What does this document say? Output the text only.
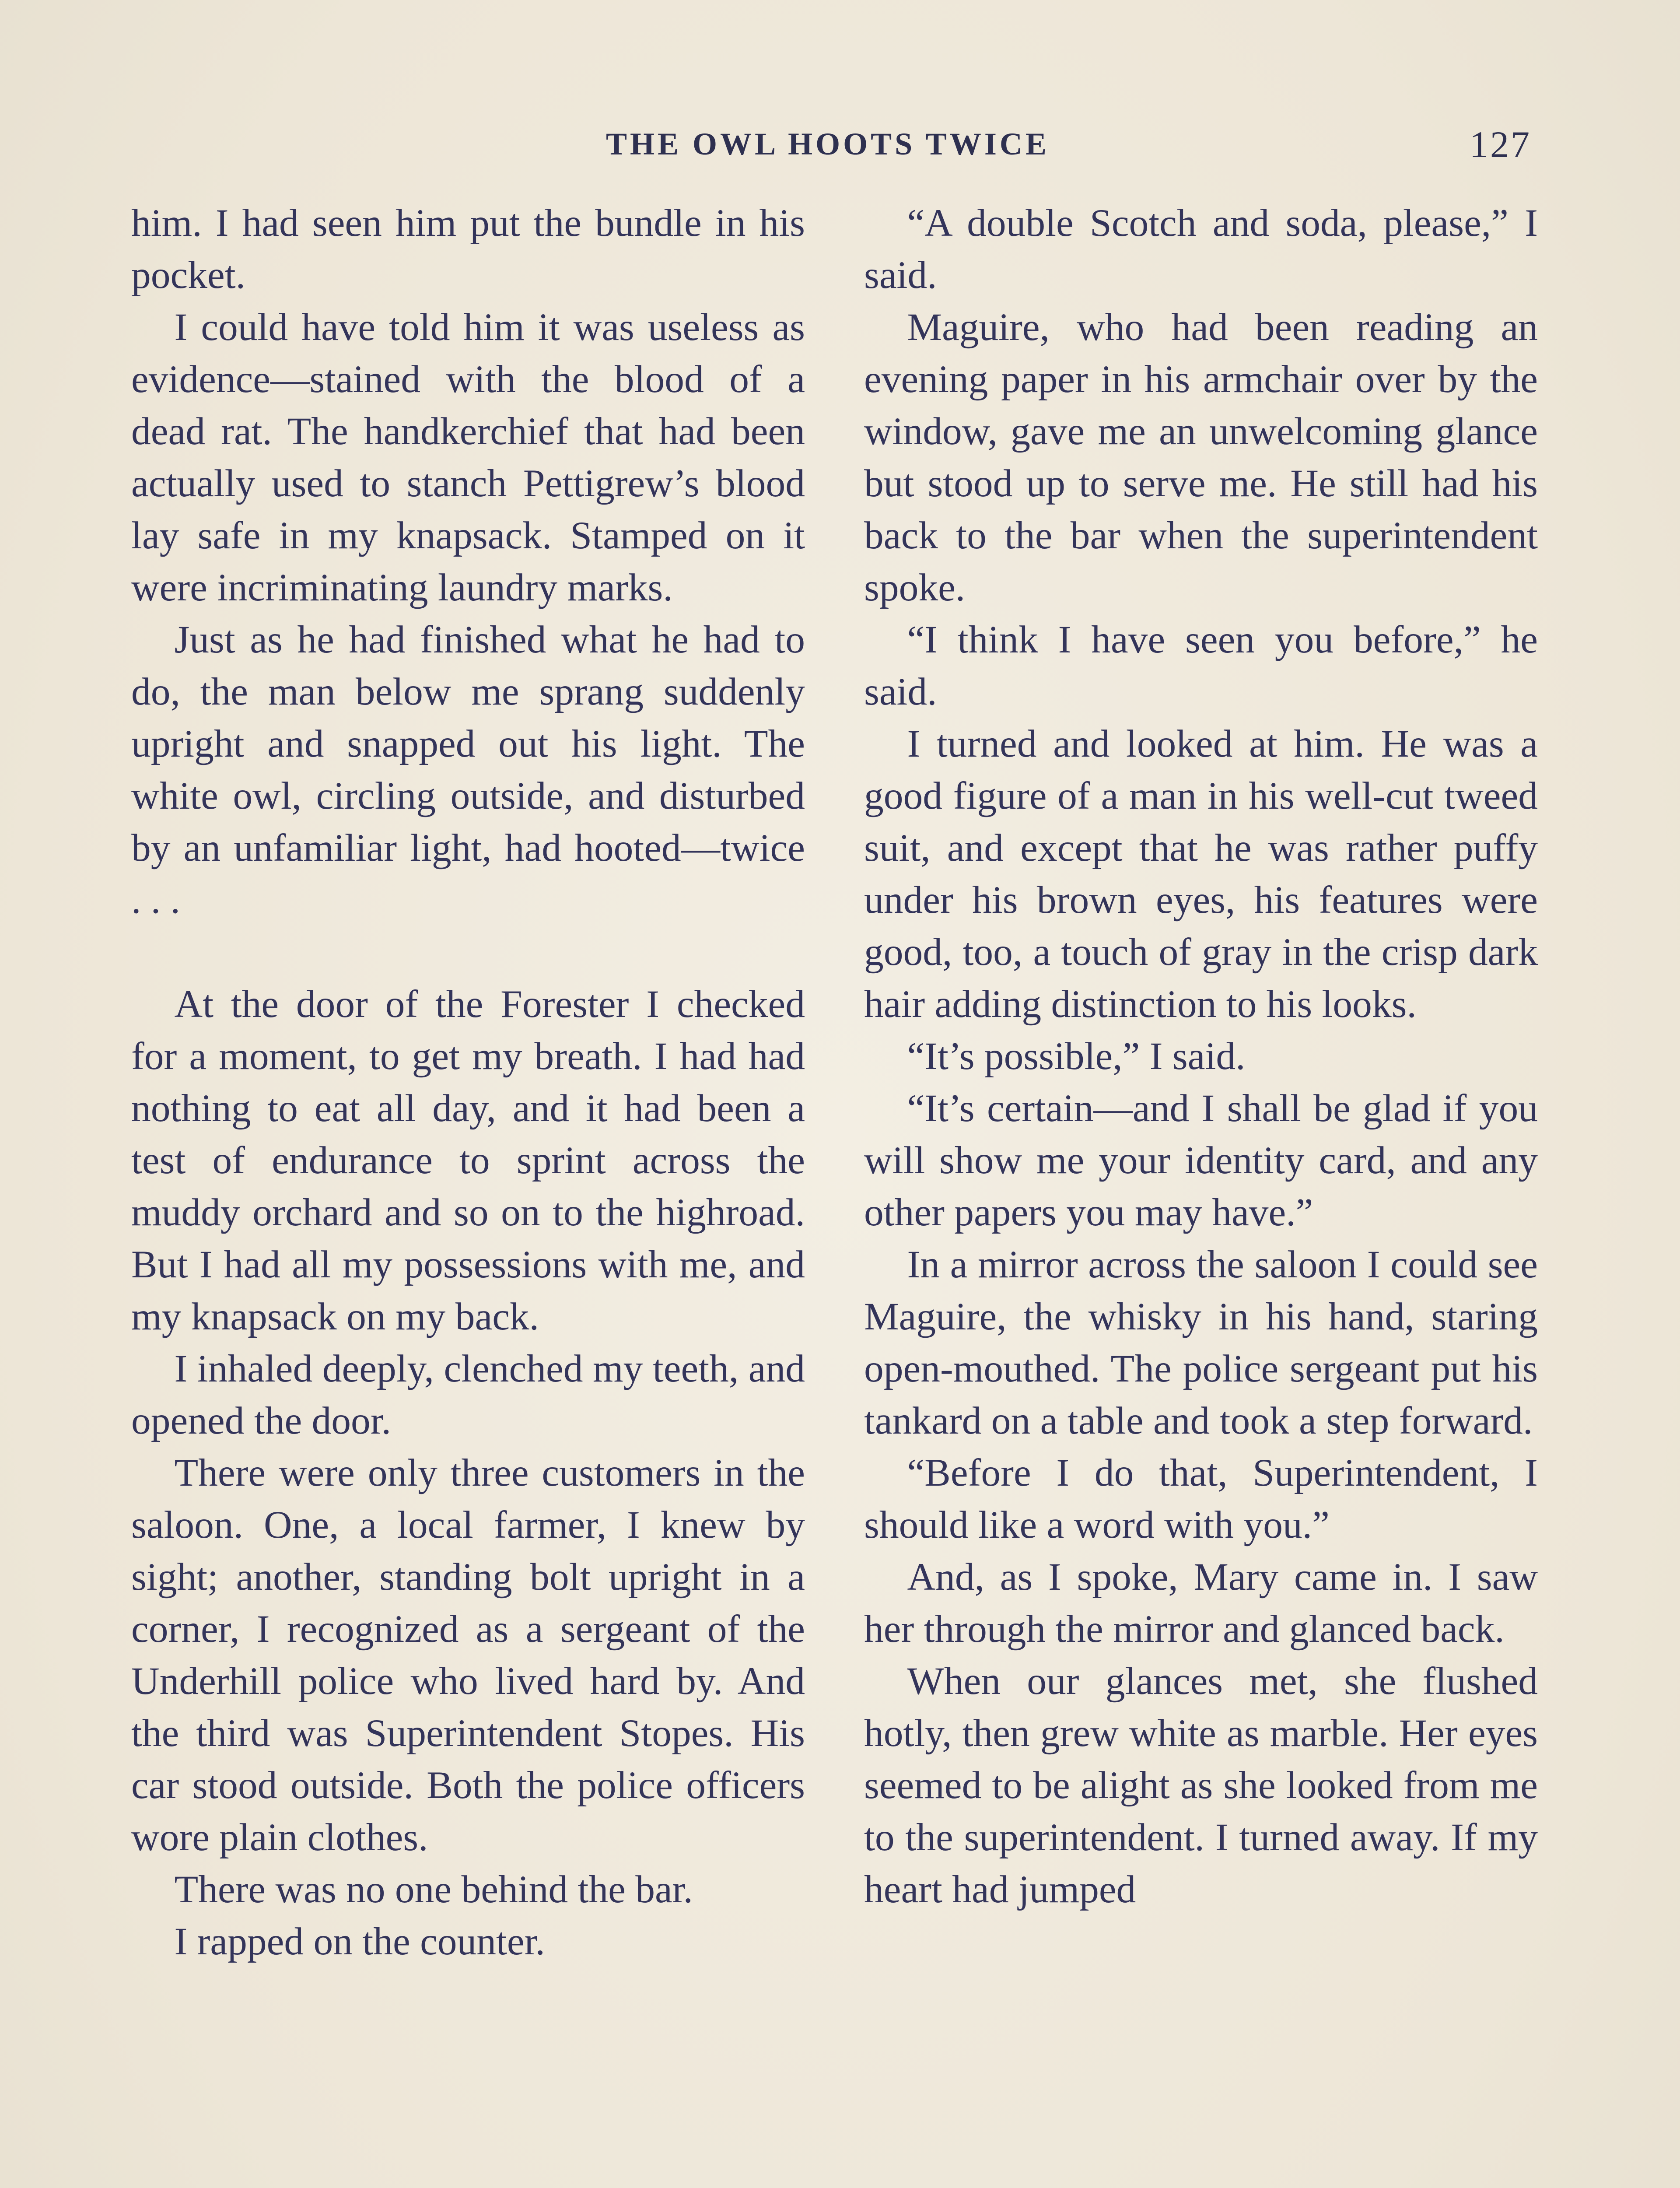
THE OWL HOOTS TWICE	127

him. I had seen him put the bundle in his pocket.

I could have told him it was useless as evidence—stained with the blood of a dead rat. The handkerchief that had been actually used to stanch Pettigrew’s blood lay safe in my knapsack. Stamped on it were incriminating laundry marks.

Just as he had finished what he had to do, the man below me sprang suddenly upright and snapped out his light. The white owl, circling outside, and disturbed by an unfamiliar light, had hooted—twice . . .

At the door of the Forester I checked for a moment, to get my breath. I had had nothing to eat all day, and it had been a test of endurance to sprint across the muddy orchard and so on to the highroad. But I had all my possessions with me, and my knapsack on my back.

I inhaled deeply, clenched my teeth, and opened the door.

There were only three customers in the saloon. One, a local farmer, I knew by sight; another, standing bolt upright in a corner, I recognized as a sergeant of the Underhill police who lived hard by. And the third was Superintendent Stopes. His car stood outside. Both the police officers wore plain clothes.

There was no one behind the bar.

I rapped on the counter.

“A double Scotch and soda, please,” I said.

Maguire, who had been reading an evening paper in his armchair over by the window, gave me an unwelcoming glance but stood up to serve me. He still had his back to the bar when the superintendent spoke.

“I think I have seen you before,” he said.

I turned and looked at him. He was a good figure of a man in his well-cut tweed suit, and except that he was rather puffy under his brown eyes, his features were good, too, a touch of gray in the crisp dark hair adding distinction to his looks.

“It’s possible,” I said.

“It’s certain—and I shall be glad if you will show me your identity card, and any other papers you may have.”

In a mirror across the saloon I could see Maguire, the whisky in his hand, staring open-mouthed. The police sergeant put his tankard on a table and took a step forward.

“Before I do that, Superintendent, I should like a word with you.”

And, as I spoke, Mary came in. I saw her through the mirror and glanced back.

When our glances met, she flushed hotly, then grew white as marble. Her eyes seemed to be alight as she looked from me to the superintendent. I turned away. If my heart had jumped
